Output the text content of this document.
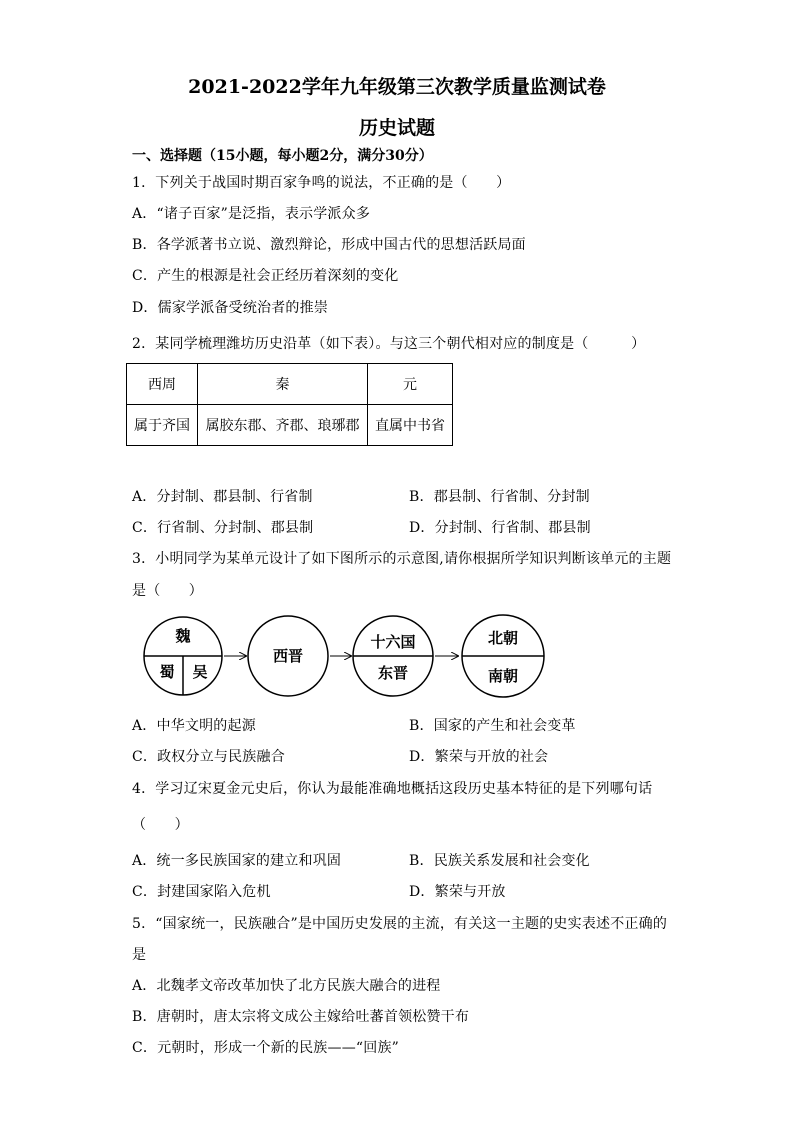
2021-2022学年九年级第三次教学质量监测试卷
历史试题
一、选择题（15小题，每小题2分，满分30分）
1．下列关于战国时期百家争鸣的说法，不正确的是（　　）
A．“诸子百家”是泛指，表示学派众多
B．各学派著书立说、激烈辩论，形成中国古代的思想活跃局面
C．产生的根源是社会正经历着深刻的变化
D．儒家学派备受统治者的推崇
2．某同学梳理潍坊历史沿革（如下表）。与这三个朝代相对应的制度是（　　　）
西周	秦	元
属于齐国	属胶东郡、齐郡、琅琊郡	直属中书省
A．分封制、郡县制、行省制	B．郡县制、行省制、分封制
C．行省制、分封制、郡县制	D．分封制、行省制、郡县制
3．小明同学为某单元设计了如下图所示的示意图,请你根据所学知识判断该单元的主题
是（　　）
魏
蜀 吴
西晋
十六国
东晋
北朝
南朝
A．中华文明的起源	B．国家的产生和社会变革
C．政权分立与民族融合	D．繁荣与开放的社会
4．学习辽宋夏金元史后，你认为最能准确地概括这段历史基本特征的是下列哪句话
（　　）
A．统一多民族国家的建立和巩固	B．民族关系发展和社会变化
C．封建国家陷入危机	D．繁荣与开放
5．“国家统一，民族融合”是中国历史发展的主流，有关这一主题的史实表述不正确的
是
A．北魏孝文帝改革加快了北方民族大融合的进程
B．唐朝时，唐太宗将文成公主嫁给吐蕃首领松赞干布
C．元朝时，形成一个新的民族——“回族”
